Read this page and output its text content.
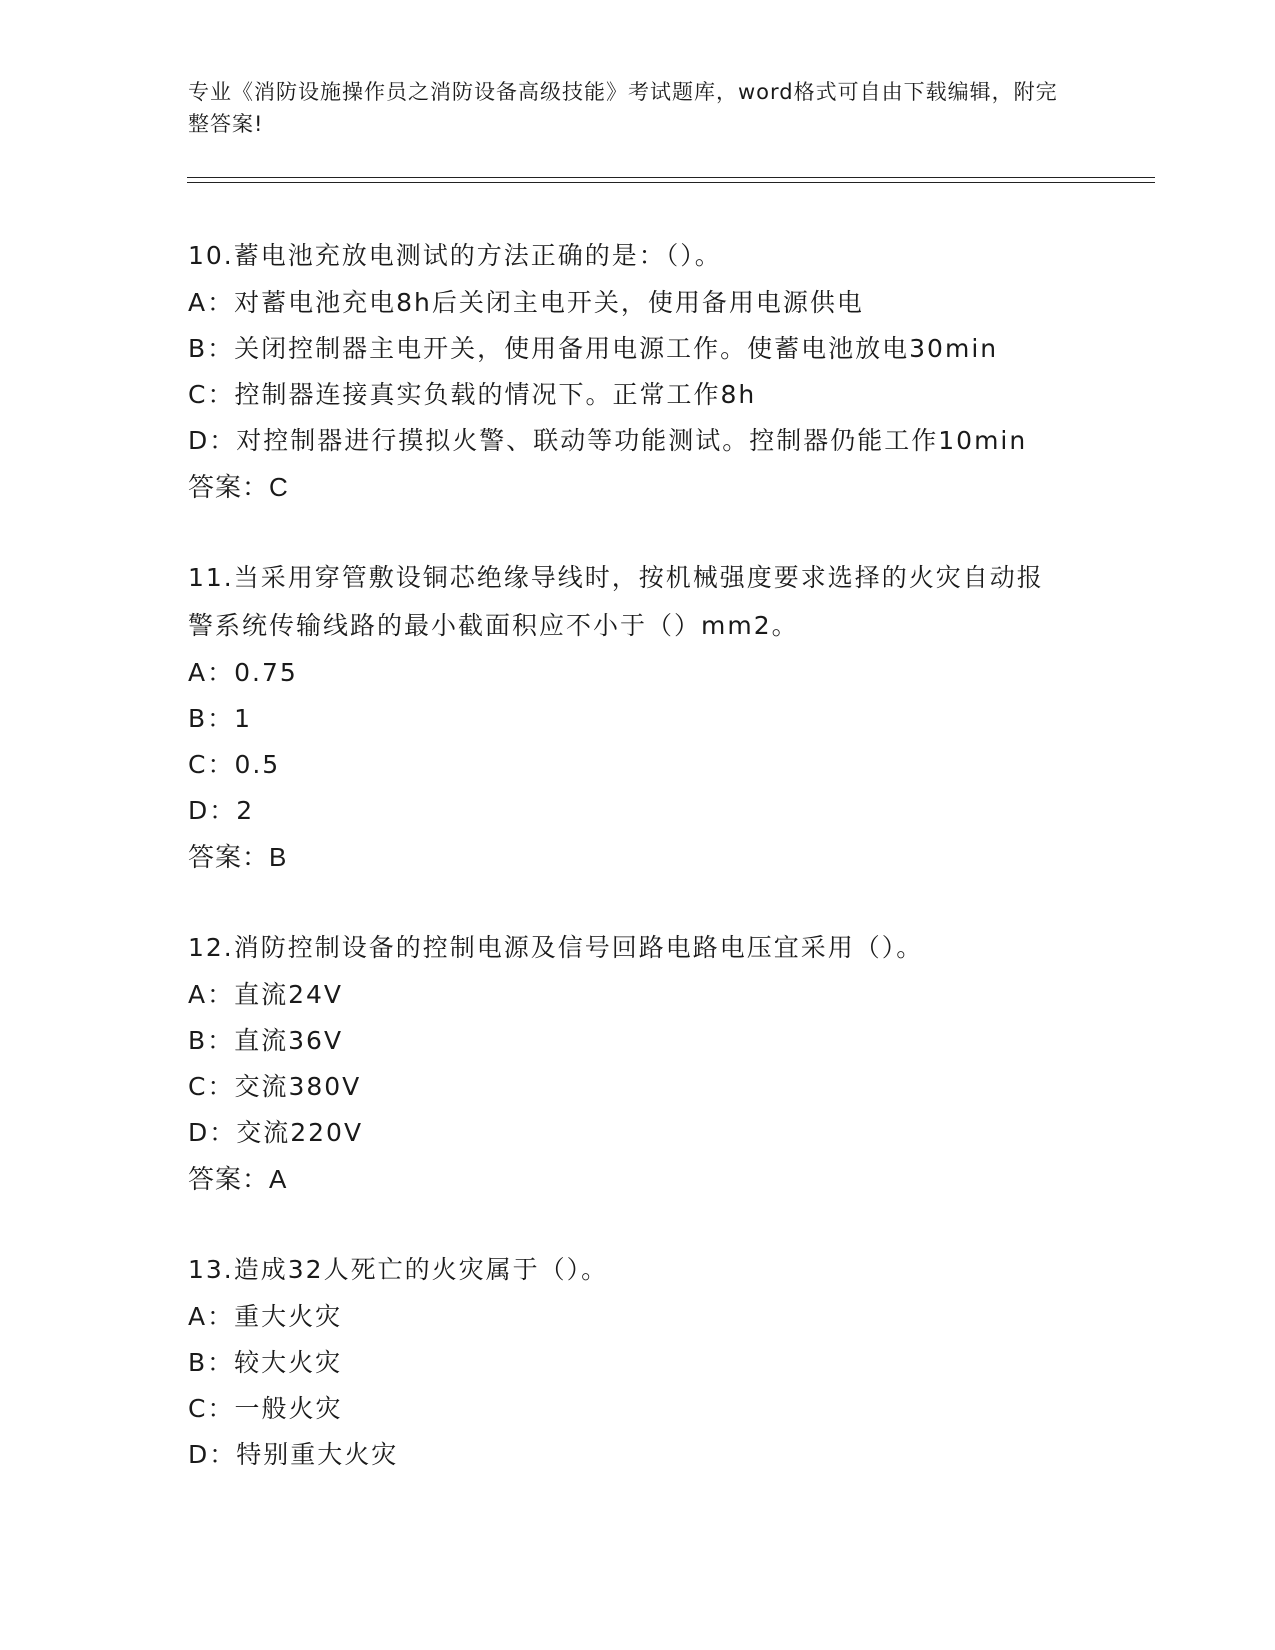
专业《消防设施操作员之消防设备高级技能》考试题库，word格式可自由下载编辑，附完整答案!
10.蓄电池充放电测试的方法正确的是：（）。
A：对蓄电池充电8h后关闭主电开关，使用备用电源供电
B：关闭控制器主电开关，使用备用电源工作。使蓄电池放电30min
C：控制器连接真实负载的情况下。正常工作8h
D：对控制器进行摸拟火警、联动等功能测试。控制器仍能工作10min
答案：C
11.当采用穿管敷设铜芯绝缘导线时，按机械强度要求选择的火灾自动报警系统传输线路的最小截面积应不小于（）mm2。
A：0.75
B：1
C：0.5
D：2
答案：B
12.消防控制设备的控制电源及信号回路电路电压宜采用（）。
A：直流24V
B：直流36V
C：交流380V
D：交流220V
答案：A
13.造成32人死亡的火灾属于（）。
A：重大火灾
B：较大火灾
C：一般火灾
D：特别重大火灾
